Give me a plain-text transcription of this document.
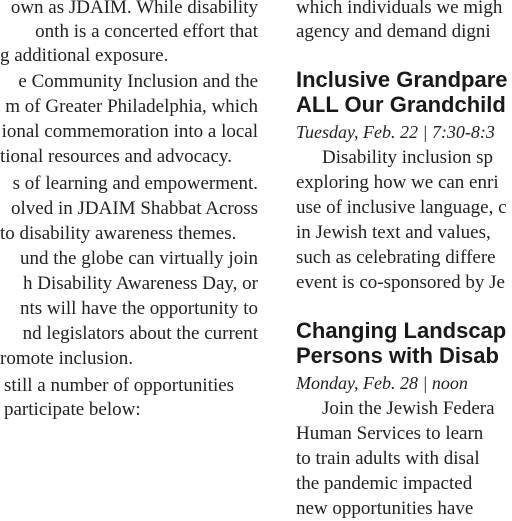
own as JDAIM. While disability
onth is a concerted effort that
g additional exposure.
e Community Inclusion and the
m of Greater Philadelphia, which
ional commemoration into a local
tional resources and advocacy.
s of learning and empowerment.
olved in JDAIM Shabbat Across
to disability awareness themes.
und the globe can virtually join
h Disability Awareness Day, or
nts will have the opportunity to
nd legislators about the current
romote inclusion.
still a number of opportunities
participate below:
which individuals we migh
agency and demand digni
Inclusive Grandpare
ALL Our Grandchild
Tuesday, Feb. 22 | 7:30-8:3
Disability inclusion sp
exploring how we can enri
use of inclusive language, c
in Jewish text and values,
such as celebrating differe
event is co-sponsored by Je
Changing Landscap
Persons with Disab
Monday, Feb. 28 | noon
Join the Jewish Federa
Human Services to learn
to train adults with disal
the pandemic impacted
new opportunities have
